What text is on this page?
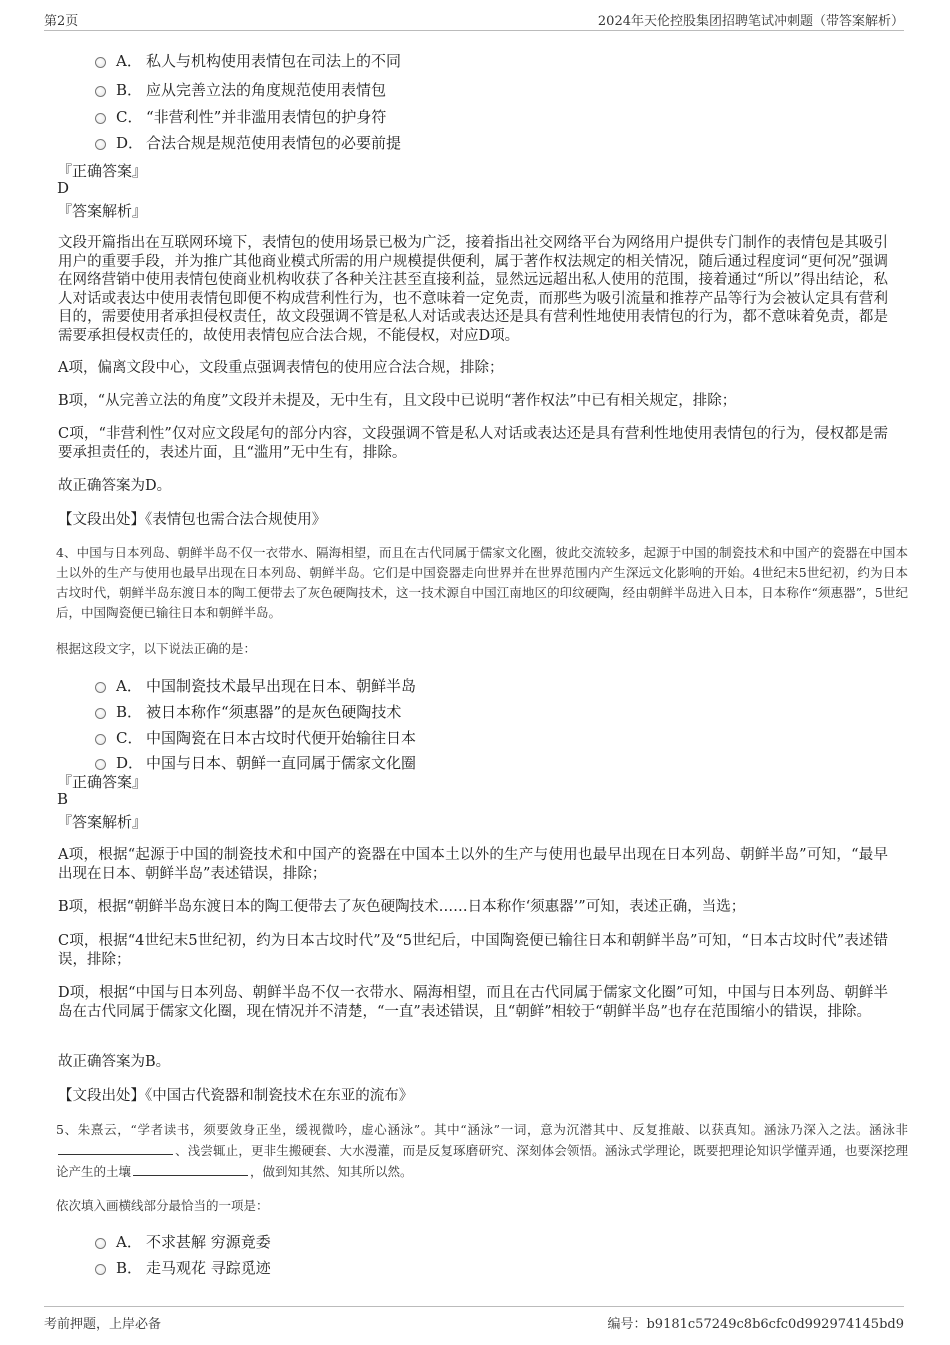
第2页	2024年天伦控股集团招聘笔试冲刺题（带答案解析）
A． 私人与机构使用表情包在司法上的不同
B． 应从完善立法的角度规范使用表情包
C． “非营利性”并非滥用表情包的护身符
D． 合法合规是规范使用表情包的必要前提
『正确答案』
D
『答案解析』
文段开篇指出在互联网环境下，表情包的使用场景已极为广泛，接着指出社交网络平台为网络用户提供专门制作的表情包是其吸引用户的重要手段，并为推广其他商业模式所需的用户规模提供便利，属于著作权法规定的相关情况，随后通过程度词“更何况”强调在网络营销中使用表情包使商业机构收获了各种关注甚至直接利益，显然远远超出私人使用的范围，接着通过“所以”得出结论，私人对话或表达中使用表情包即便不构成营利性行为，也不意味着一定免责，而那些为吸引流量和推荐产品等行为会被认定具有营利目的，需要使用者承担侵权责任，故文段强调不管是私人对话或表达还是具有营利性地使用表情包的行为，都不意味着免责，都是需要承担侵权责任的，故使用表情包应合法合规，不能侵权，对应D项。
A项，偏离文段中心，文段重点强调表情包的使用应合法合规，排除；
B项，“从完善立法的角度”文段并未提及，无中生有，且文段中已说明“著作权法”中已有相关规定，排除；
C项，“非营利性”仅对应文段尾句的部分内容，文段强调不管是私人对话或表达还是具有营利性地使用表情包的行为，侵权都是需要承担责任的，表述片面，且“滥用”无中生有，排除。
故正确答案为D。
【文段出处】《表情包也需合法合规使用》
4、中国与日本列岛、朝鲜半岛不仅一衣带水、隔海相望，而且在古代同属于儒家文化圈，彼此交流较多，起源于中国的制瓷技术和中国产的瓷器在中国本土以外的生产与使用也最早出现在日本列岛、朝鲜半岛。它们是中国瓷器走向世界并在世界范围内产生深远文化影响的开始。4世纪末5世纪初，约为日本古坟时代，朝鲜半岛东渡日本的陶工便带去了灰色硬陶技术，这一技术源自中国江南地区的印纹硬陶，经由朝鲜半岛进入日本，日本称作“须惠器”，5世纪后，中国陶瓷便已输往日本和朝鲜半岛。
根据这段文字，以下说法正确的是：
A． 中国制瓷技术最早出现在日本、朝鲜半岛
B． 被日本称作“须惠器”的是灰色硬陶技术
C． 中国陶瓷在日本古坟时代便开始输往日本
D． 中国与日本、朝鲜一直同属于儒家文化圈
『正确答案』
B
『答案解析』
A项，根据“起源于中国的制瓷技术和中国产的瓷器在中国本土以外的生产与使用也最早出现在日本列岛、朝鲜半岛”可知，“最早出现在日本、朝鲜半岛”表述错误，排除；
B项，根据“朝鲜半岛东渡日本的陶工便带去了灰色硬陶技术……日本称作‘须惠器’”可知，表述正确，当选；
C项，根据“4世纪末5世纪初，约为日本古坟时代”及“5世纪后，中国陶瓷便已输往日本和朝鲜半岛”可知，“日本古坟时代”表述错误，排除；
D项，根据“中国与日本列岛、朝鲜半岛不仅一衣带水、隔海相望，而且在古代同属于儒家文化圈”可知，中国与日本列岛、朝鲜半岛在古代同属于儒家文化圈，现在情况并不清楚，“一直”表述错误，且“朝鲜”相较于“朝鲜半岛”也存在范围缩小的错误，排除。
故正确答案为B。
【文段出处】《中国古代瓷器和制瓷技术在东亚的流布》
5、朱熹云，“学者读书，须要敛身正坐，缓视微吟，虚心涵泳”。其中“涵泳”一词，意为沉潜其中、反复推敲、以获真知。涵泳乃深入之法。涵泳非、浅尝辄止，更非生搬硬套、大水漫灌，而是反复琢磨研究、深刻体会领悟。涵泳式学理论，既要把理论知识学懂弄通，也要深挖理论产生的土壤	，做到知其然、知其所以然。
依次填入画横线部分最恰当的一项是：
A． 不求甚解 穷源竟委
B． 走马观花 寻踪觅迹
考前押题，上岸必备	编号：b9181c57249c8b6cfc0d992974145bd9
